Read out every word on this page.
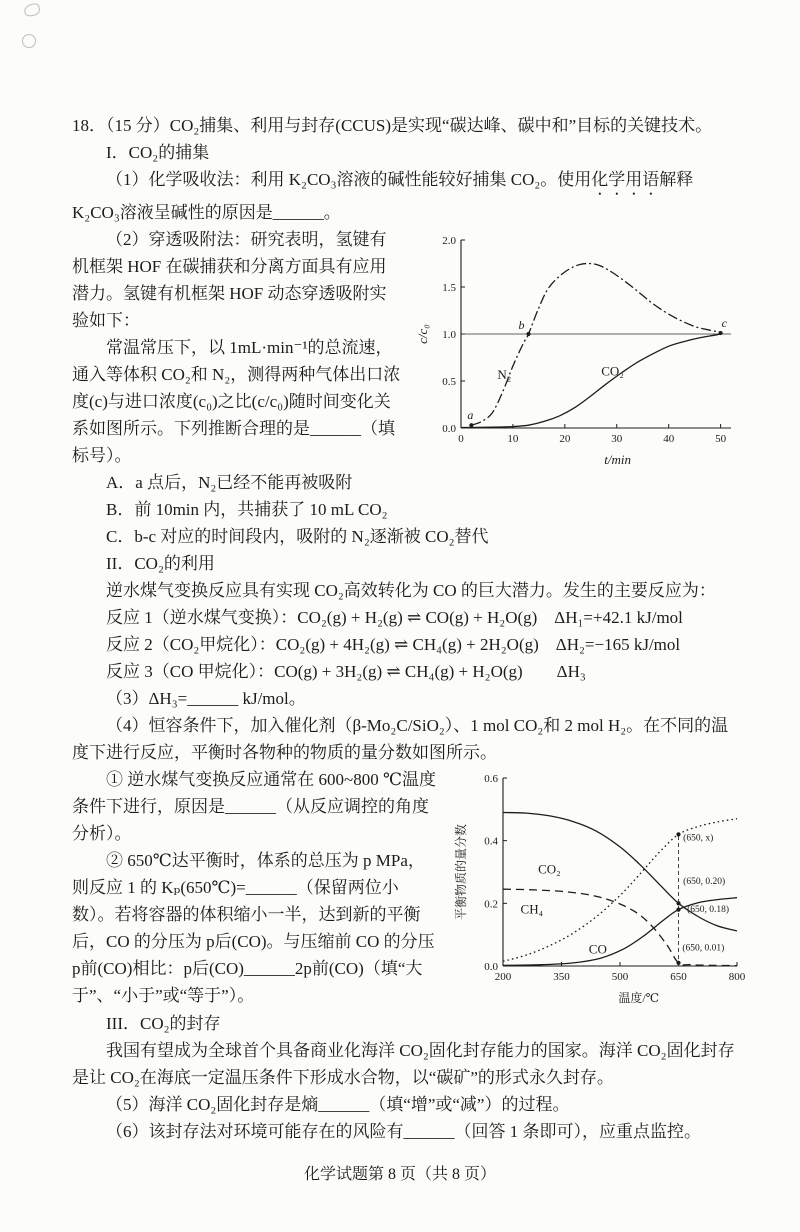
18．（15 分）CO₂捕集、利用与封存(CCUS)是实现“碳达峰、碳中和”目标的关键技术。

I．CO₂的捕集

（1）化学吸收法：利用 K₂CO₃溶液的碱性能较好捕集 CO₂。使用化学用语解释 K₂CO₃溶液呈碱性的原因是______。

0	10	20	30	40	50
0.0
0.5
1.0
1.5
2.0
a
b	c
N₂	CO₂
t/min
c/c₀

（2）穿透吸附法：研究表明，氢键有机框架 HOF 在碳捕获和分离方面具有应用潜力。氢键有机框架 HOF 动态穿透吸附实验如下：

常温常压下，以 1mL·min⁻¹的总流速，通入等体积 CO₂和 N₂，测得两种气体出口浓度(c)与进口浓度(c₀)之比(c/c₀)随时间变化关系如图所示。下列推断合理的是______（填标号）。

A．a 点后，N₂已经不能再被吸附

B．前 10min 内，共捕获了 10 mL CO₂

C．b-c 对应的时间段内，吸附的 N₂逐渐被 CO₂替代

II．CO₂的利用

逆水煤气变换反应具有实现 CO₂高效转化为 CO 的巨大潜力。发生的主要反应为：

反应 1（逆水煤气变换）：CO₂(g) + H₂(g) ⇌ CO(g) + H₂O(g)　ΔH₁=+42.1 kJ/mol

反应 2（CO₂甲烷化）：CO₂(g) + 4H₂(g) ⇌ CH₄(g) + 2H₂O(g)　ΔH₂=−165 kJ/mol

反应 3（CO 甲烷化）：CO(g) + 3H₂(g) ⇌ CH₄(g) + H₂O(g)　　ΔH₃

（3）ΔH₃=______ kJ/mol。

（4）恒容条件下，加入催化剂（β-Mo₂C/SiO₂）、1 mol CO₂和 2 mol H₂。在不同的温度下进行反应，平衡时各物种的物质的量分数如图所示。

200	350	500	650	800
0.0
0.2
0.4
0.6
CO₂
CH₄
CO
(650, x)
(650, 0.20)
(650, 0.18)
(650, 0.01)
温度/℃
平衡物质的量分数

① 逆水煤气变换反应通常在 600~800 ℃温度条件下进行，原因是______（从反应调控的角度分析）。

② 650℃达平衡时，体系的总压为 p MPa，则反应 1 的 Kₚ(650℃)=______（保留两位小数）。若将容器的体积缩小一半，达到新的平衡后，CO 的分压为 p后(CO)。与压缩前 CO 的分压 p前(CO)相比：p后(CO)______2p前(CO)（填“大于”、“小于”或“等于”）。

III．CO₂的封存

我国有望成为全球首个具备商业化海洋 CO₂固化封存能力的国家。海洋 CO₂固化封存是让 CO₂在海底一定温压条件下形成水合物，以“碳矿”的形式永久封存。

（5）海洋 CO₂固化封存是熵______（填“增”或“减”）的过程。

（6）该封存法对环境可能存在的风险有______（回答 1 条即可），应重点监控。

化学试题第 8 页（共 8 页）
